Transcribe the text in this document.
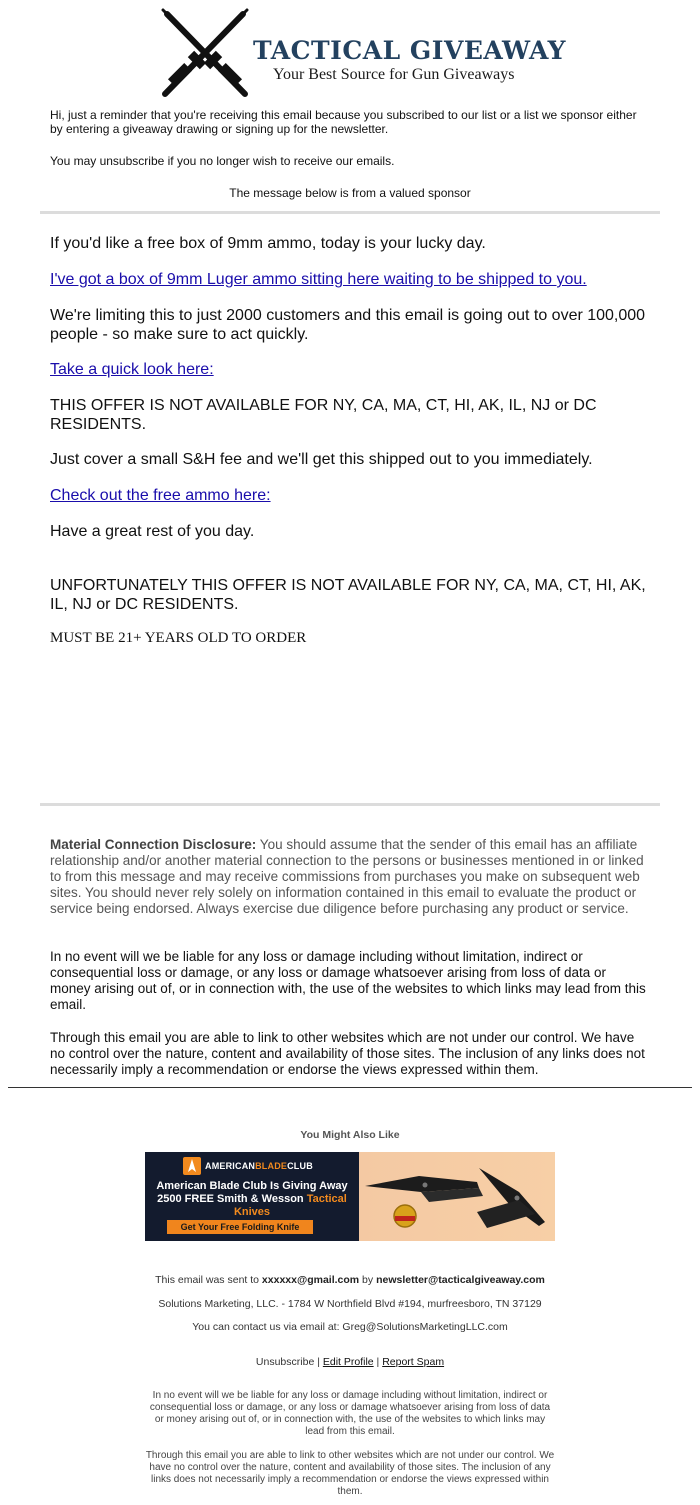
TACTICAL GIVEAWAY
Your Best Source for Gun Giveaways
Hi, just a reminder that you're receiving this email because you subscribed to our list or a list we sponsor either by entering a giveaway drawing or signing up for the newsletter.
You may unsubscribe if you no longer wish to receive our emails.
The message below is from a valued sponsor
If you'd like a free box of 9mm ammo, today is your lucky day.
I've got a box of 9mm Luger ammo sitting here waiting to be shipped to you.
We're limiting this to just 2000 customers and this email is going out to over 100,000 people - so make sure to act quickly.
Take a quick look here:
THIS OFFER IS NOT AVAILABLE FOR NY, CA, MA, CT, HI, AK, IL, NJ or DC RESIDENTS.
Just cover a small S&H fee and we'll get this shipped out to you immediately.
Check out the free ammo here:
Have a great rest of you day.
UNFORTUNATELY THIS OFFER IS NOT AVAILABLE FOR NY, CA, MA, CT, HI, AK, IL, NJ or DC RESIDENTS.
MUST BE 21+ YEARS OLD TO ORDER
Material Connection Disclosure: You should assume that the sender of this email has an affiliate relationship and/or another material connection to the persons or businesses mentioned in or linked to from this message and may receive commissions from purchases you make on subsequent web sites. You should never rely solely on information contained in this email to evaluate the product or service being endorsed. Always exercise due diligence before purchasing any product or service.
In no event will we be liable for any loss or damage including without limitation, indirect or consequential loss or damage, or any loss or damage whatsoever arising from loss of data or money arising out of, or in connection with, the use of the websites to which links may lead from this email.
Through this email you are able to link to other websites which are not under our control. We have no control over the nature, content and availability of those sites. The inclusion of any links does not necessarily imply a recommendation or endorse the views expressed within them.
You Might Also Like
AMERICANBLADECLUB
American Blade Club Is Giving Away 2500 FREE Smith & Wesson Tactical Knives
Get Your Free Folding Knife
This email was sent to xxxxxx@gmail.com by newsletter@tacticalgiveaway.com
Solutions Marketing, LLC. - 1784 W Northfield Blvd #194, murfreesboro, TN 37129
You can contact us via email at: Greg@SolutionsMarketingLLC.com
Unsubscribe | Edit Profile | Report Spam
In no event will we be liable for any loss or damage including without limitation, indirect or consequential loss or damage, or any loss or damage whatsoever arising from loss of data or money arising out of, or in connection with, the use of the websites to which links may lead from this email.
Through this email you are able to link to other websites which are not under our control. We have no control over the nature, content and availability of those sites. The inclusion of any links does not necessarily imply a recommendation or endorse the views expressed within them.
